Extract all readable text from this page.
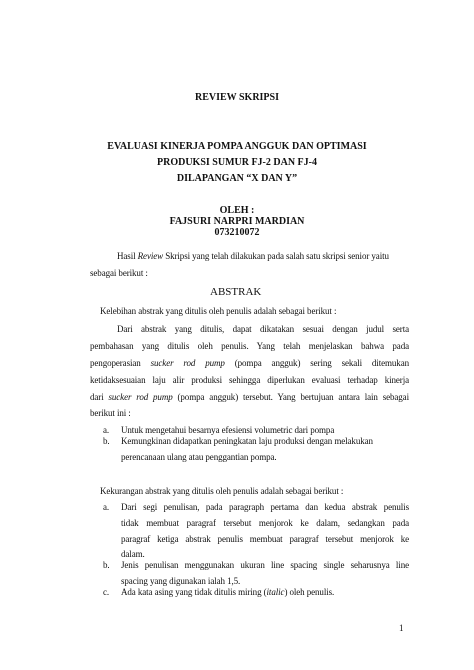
REVIEW SKRIPSI
EVALUASI KINERJA POMPA ANGGUK DAN OPTIMASI
PRODUKSI SUMUR FJ-2 DAN FJ-4
DILAPANGAN “X DAN Y”
OLEH :
FAJSURI NARPRI MARDIAN
073210072
Hasil Review Skripsi yang telah dilakukan pada salah satu skripsi senior yaitu
sebagai berikut :
ABSTRAK
Kelebihan abstrak yang ditulis oleh penulis adalah sebagai berikut :
Dari abstrak yang ditulis, dapat dikatakan sesuai dengan judul serta
pembahasan yang ditulis oleh penulis. Yang telah menjelaskan bahwa pada
pengoperasian sucker rod pump (pompa angguk) sering sekali ditemukan
ketidaksesuaian laju alir produksi sehingga diperlukan evaluasi terhadap kinerja
dari sucker rod pump (pompa angguk) tersebut. Yang bertujuan antara lain sebagai
berikut ini :
a. Untuk mengetahui besarnya efesiensi volumetric dari pompa
b. Kemungkinan didapatkan peningkatan laju produksi dengan melakukan
perencanaan ulang atau penggantian pompa.
Kekurangan abstrak yang ditulis oleh penulis adalah sebagai berikut :
a. Dari segi penulisan, pada paragraph pertama dan kedua abstrak penulis
tidak membuat paragraf tersebut menjorok ke dalam, sedangkan pada
paragraf ketiga abstrak penulis membuat paragraf tersebut menjorok ke
dalam.
b. Jenis penulisan menggunakan ukuran line spacing single seharusnya line
spacing yang digunakan ialah 1,5.
c. Ada kata asing yang tidak ditulis miring (italic) oleh penulis.
1
